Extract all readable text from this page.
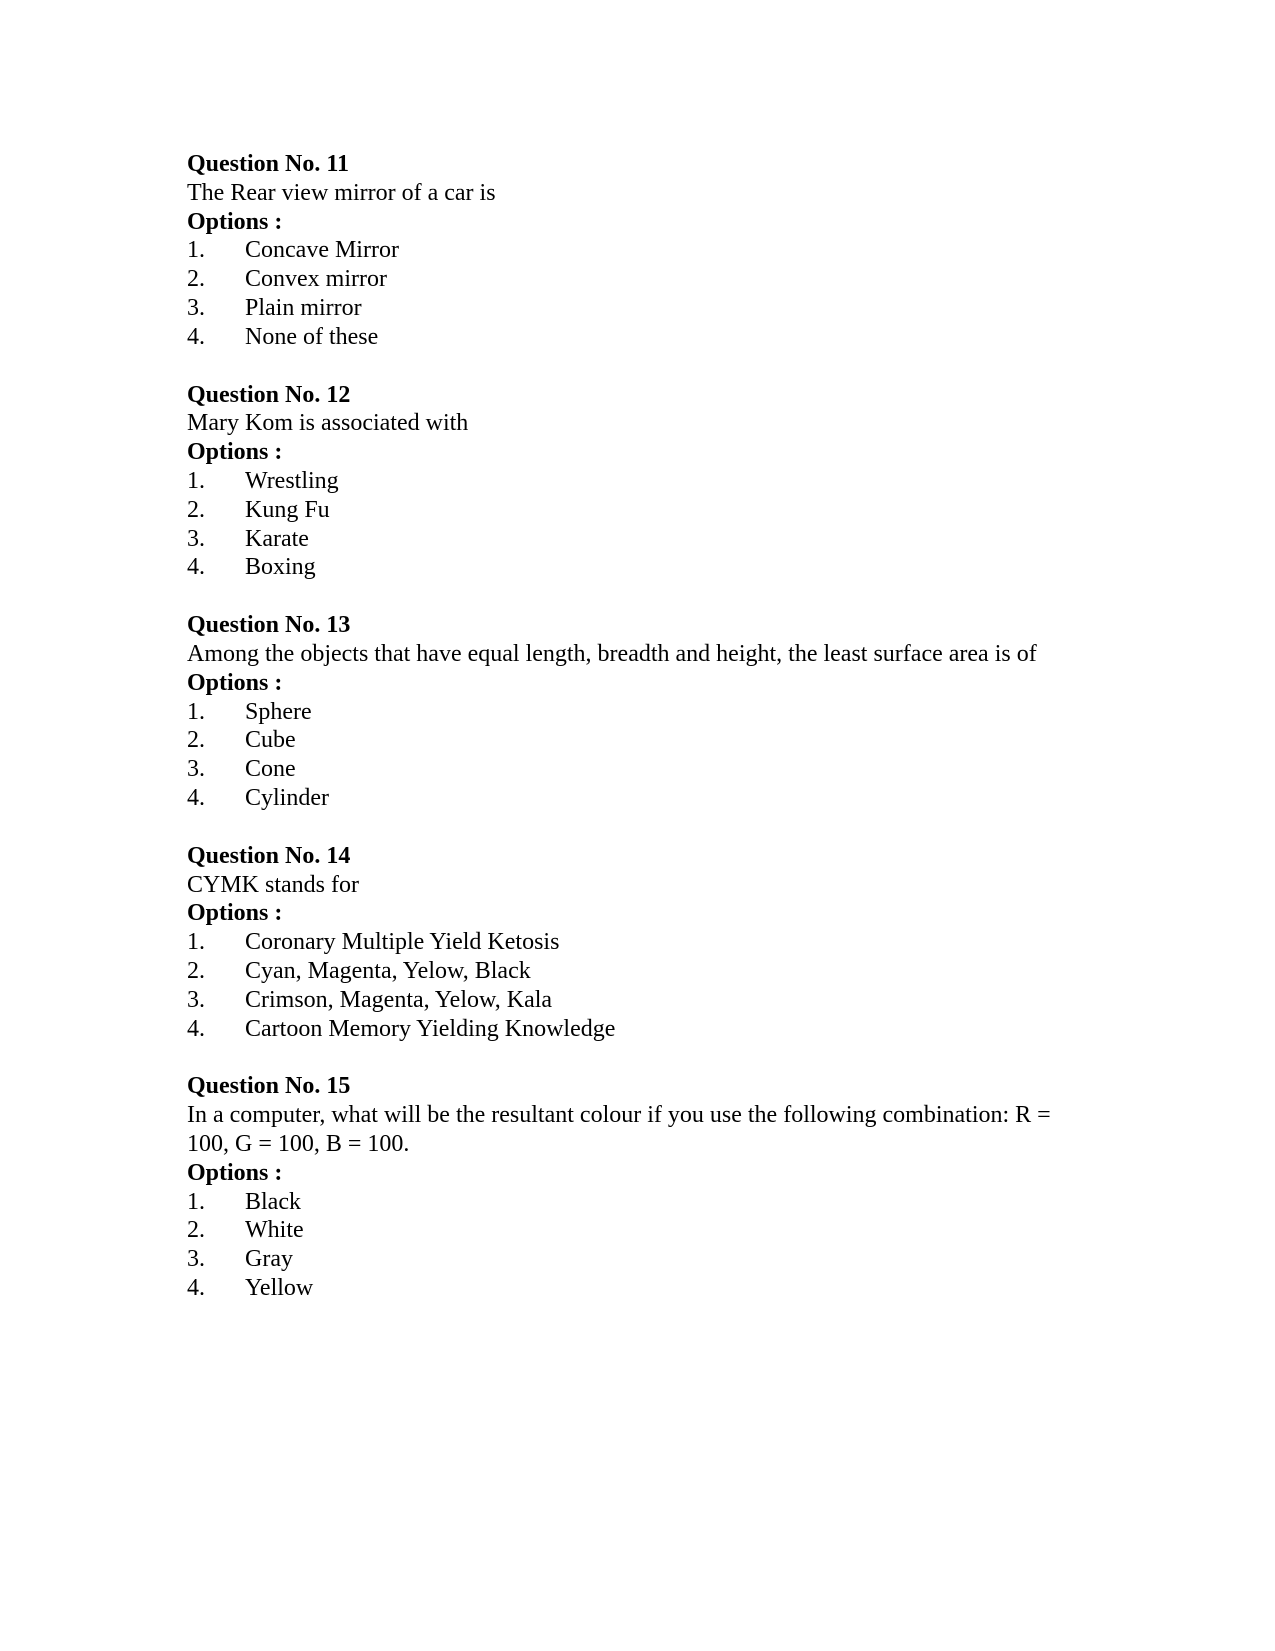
Question No. 11
The Rear view mirror of a car is
Options :
1.	Concave Mirror
2.	Convex mirror
3.	Plain mirror
4.	None of these
Question No. 12
Mary Kom is associated with
Options :
1.	Wrestling
2.	Kung Fu
3.	Karate
4.	Boxing
Question No. 13
Among the objects that have equal length, breadth and height, the least surface area is of
Options :
1.	Sphere
2.	Cube
3.	Cone
4.	Cylinder
Question No. 14
CYMK stands for
Options :
1.	Coronary Multiple Yield Ketosis
2.	Cyan, Magenta, Yelow, Black
3.	Crimson, Magenta, Yelow, Kala
4.	Cartoon Memory Yielding Knowledge
Question No. 15
In a computer, what will be the resultant colour if you use the following combination: R = 100, G = 100, B = 100.
Options :
1.	Black
2.	White
3.	Gray
4.	Yellow
